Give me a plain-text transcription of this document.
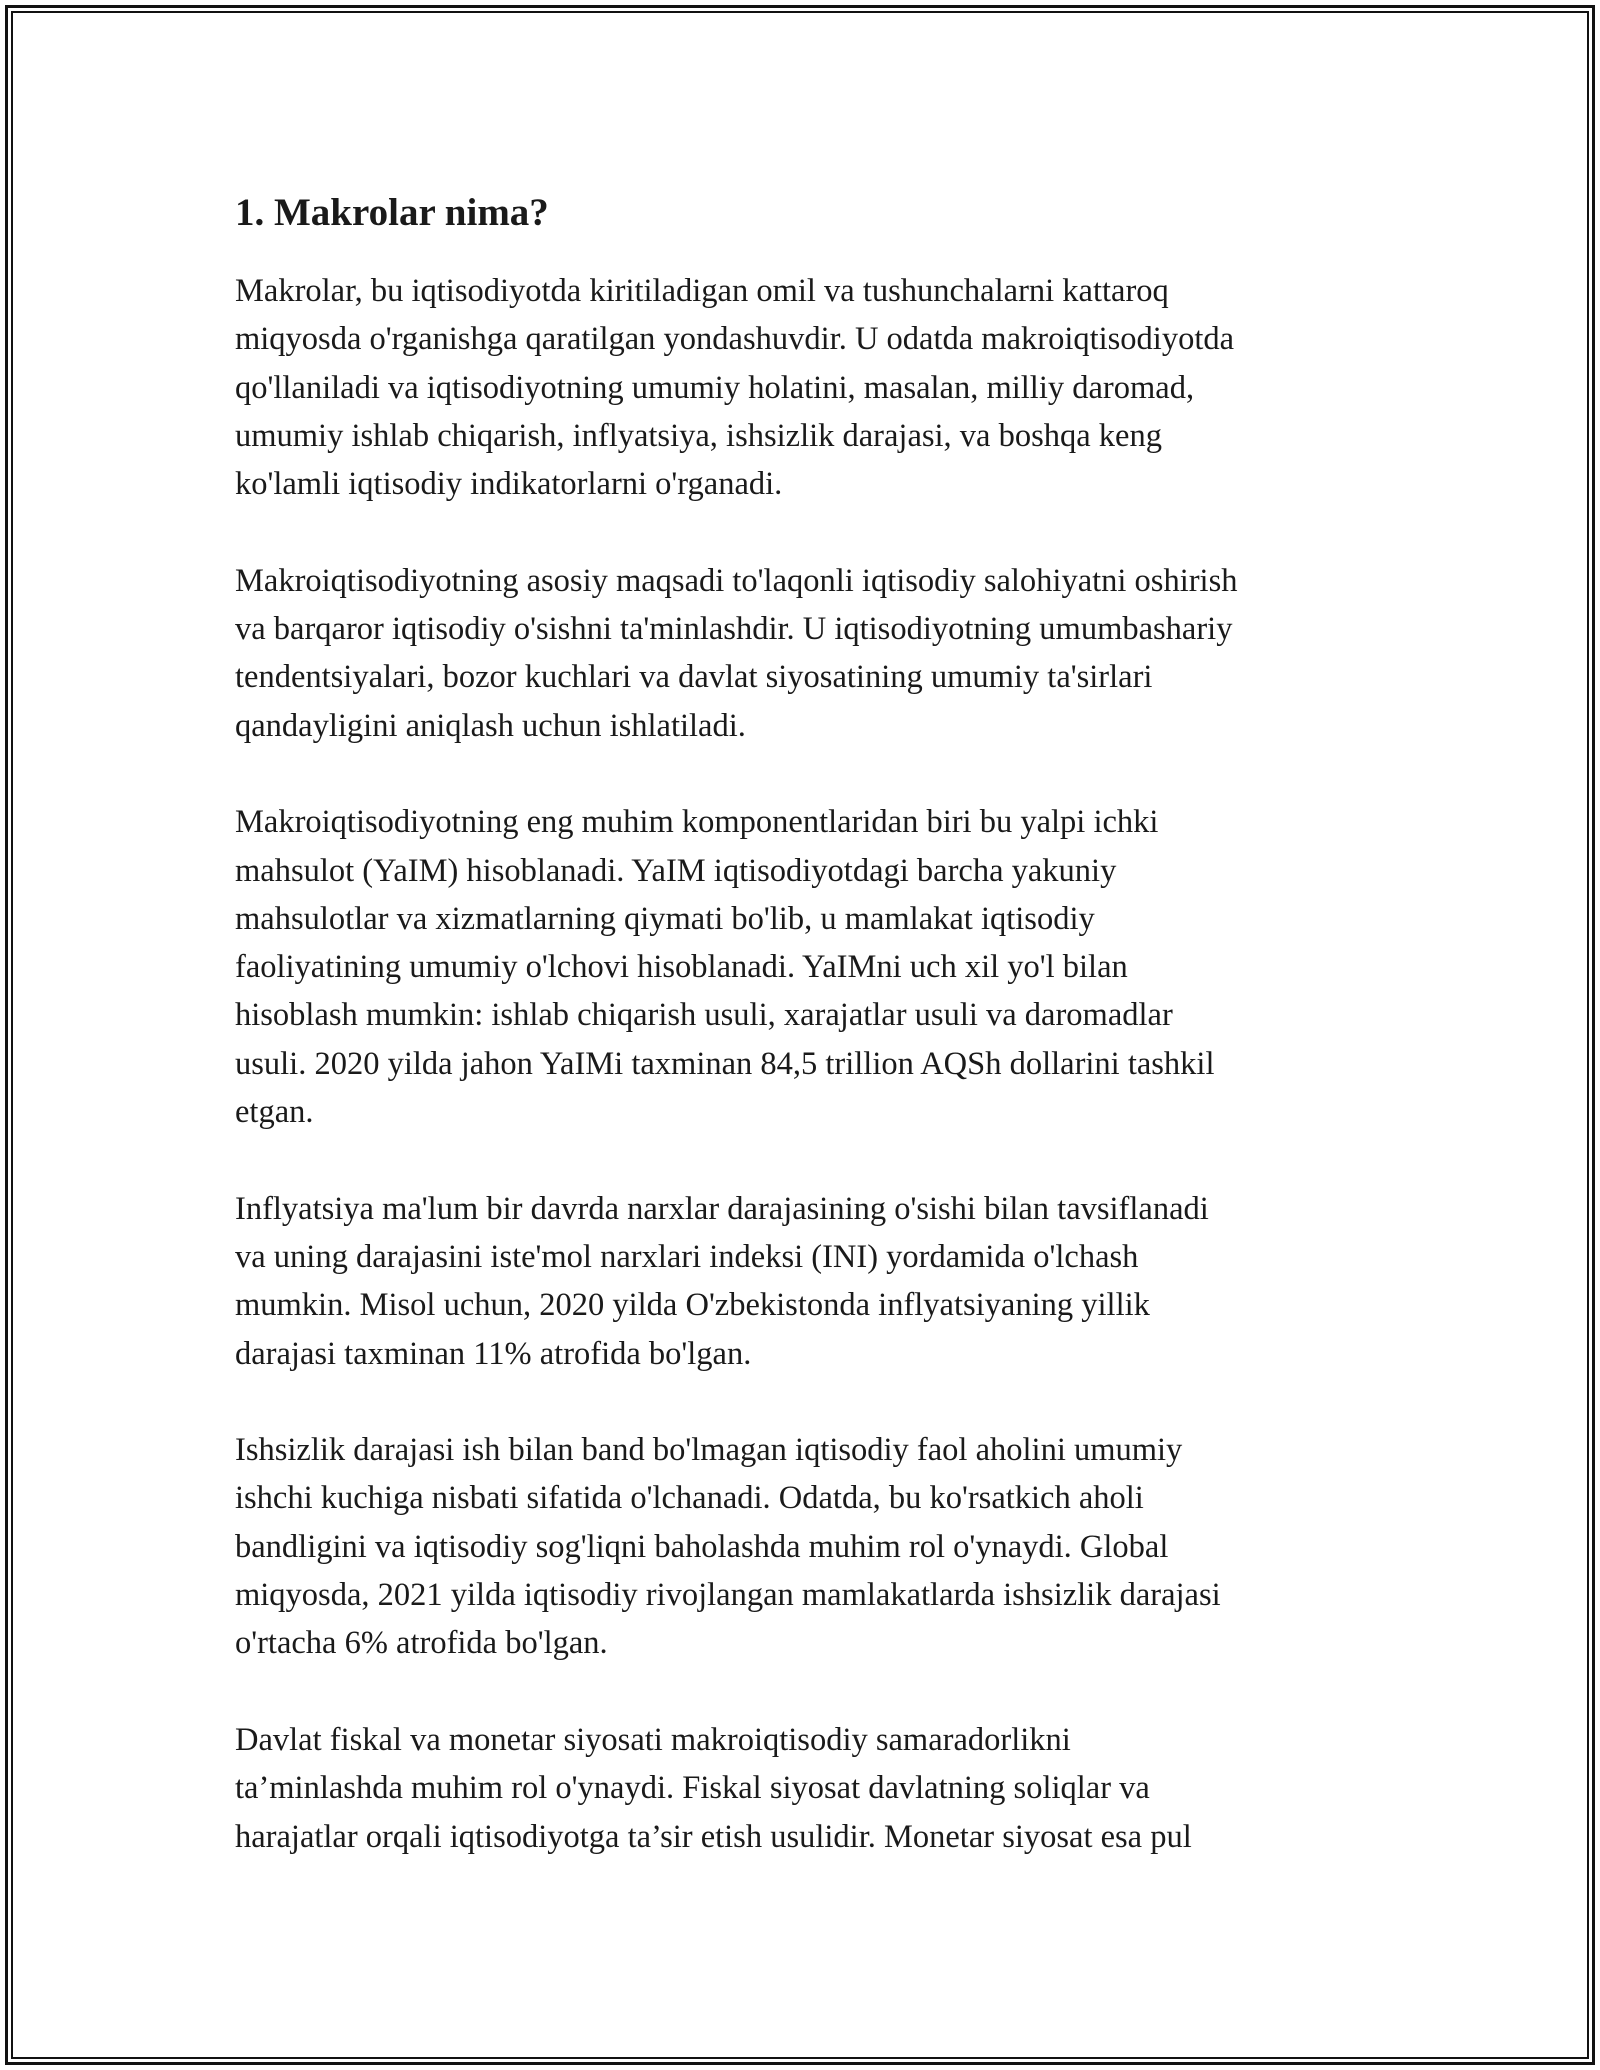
1. Makrolar nima?
Makrolar, bu iqtisodiyotda kiritiladigan omil va tushunchalarni kattaroq
miqyosda o'rganishga qaratilgan yondashuvdir. U odatda makroiqtisodiyotda
qo'llaniladi va iqtisodiyotning umumiy holatini, masalan, milliy daromad,
umumiy ishlab chiqarish, inflyatsiya, ishsizlik darajasi, va boshqa keng
ko'lamli iqtisodiy indikatorlarni o'rganadi.
Makroiqtisodiyotning asosiy maqsadi to'laqonli iqtisodiy salohiyatni oshirish
va barqaror iqtisodiy o'sishni ta'minlashdir. U iqtisodiyotning umumbashariy
tendentsiyalari, bozor kuchlari va davlat siyosatining umumiy ta'sirlari
qandayligini aniqlash uchun ishlatiladi.
Makroiqtisodiyotning eng muhim komponentlaridan biri bu yalpi ichki
mahsulot (YaIM) hisoblanadi. YaIM iqtisodiyotdagi barcha yakuniy
mahsulotlar va xizmatlarning qiymati bo'lib, u mamlakat iqtisodiy
faoliyatining umumiy o'lchovi hisoblanadi. YaIMni uch xil yo'l bilan
hisoblash mumkin: ishlab chiqarish usuli, xarajatlar usuli va daromadlar
usuli. 2020 yilda jahon YaIMi taxminan 84,5 trillion AQSh dollarini tashkil
etgan.
Inflyatsiya ma'lum bir davrda narxlar darajasining o'sishi bilan tavsiflanadi
va uning darajasini iste'mol narxlari indeksi (INI) yordamida o'lchash
mumkin. Misol uchun, 2020 yilda O'zbekistonda inflyatsiyaning yillik
darajasi taxminan 11% atrofida bo'lgan.
Ishsizlik darajasi ish bilan band bo'lmagan iqtisodiy faol aholini umumiy
ishchi kuchiga nisbati sifatida o'lchanadi. Odatda, bu ko'rsatkich aholi
bandligini va iqtisodiy sog'liqni baholashda muhim rol o'ynaydi. Global
miqyosda, 2021 yilda iqtisodiy rivojlangan mamlakatlarda ishsizlik darajasi
o'rtacha 6% atrofida bo'lgan.
Davlat fiskal va monetar siyosati makroiqtisodiy samaradorlikni
ta’minlashda muhim rol o'ynaydi. Fiskal siyosat davlatning soliqlar va
harajatlar orqali iqtisodiyotga ta’sir etish usulidir. Monetar siyosat esa pul
